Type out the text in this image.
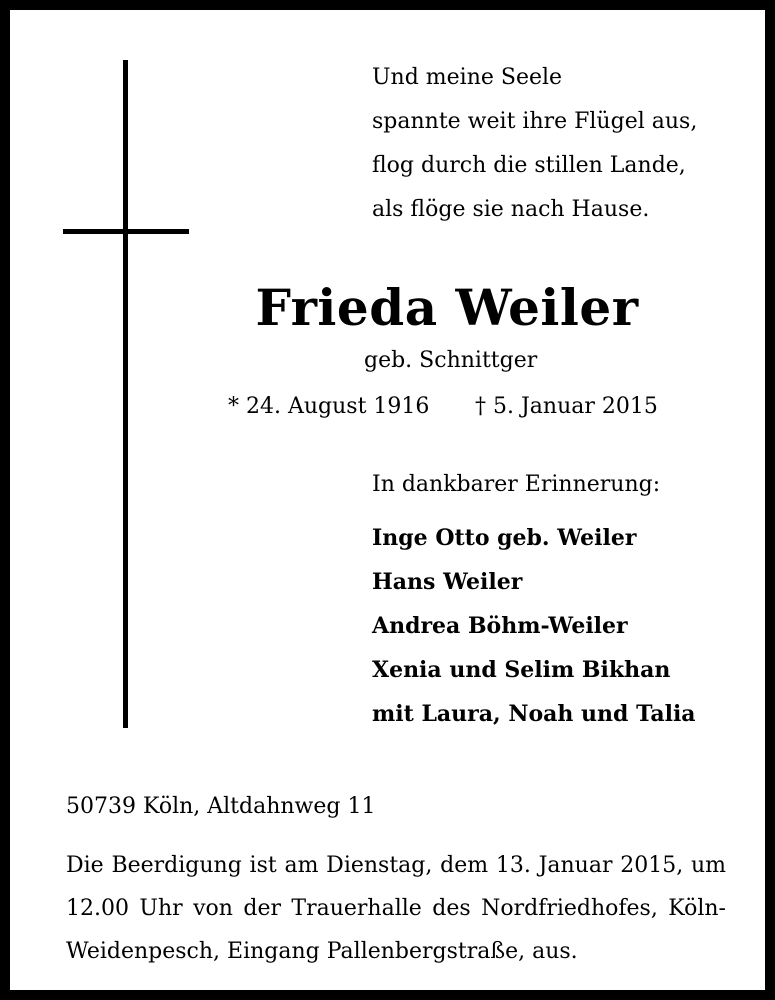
Und meine Seele
spannte weit ihre Flügel aus,
flog durch die stillen Lande,
als flöge sie nach Hause.
Frieda Weiler
geb. Schnittger
* 24. August 1916 † 5. Januar 2015
In dankbarer Erinnerung:
Inge Otto geb. Weiler
Hans Weiler
Andrea Böhm-Weiler
Xenia und Selim Bikhan
mit Laura, Noah und Talia
50739 Köln, Altdahnweg 11
Die Beerdigung ist am Dienstag, dem 13. Januar 2015, um
12.00 Uhr von der Trauerhalle des Nordfriedhofes, Köln-
Weidenpesch, Eingang Pallenbergstraße, aus.
